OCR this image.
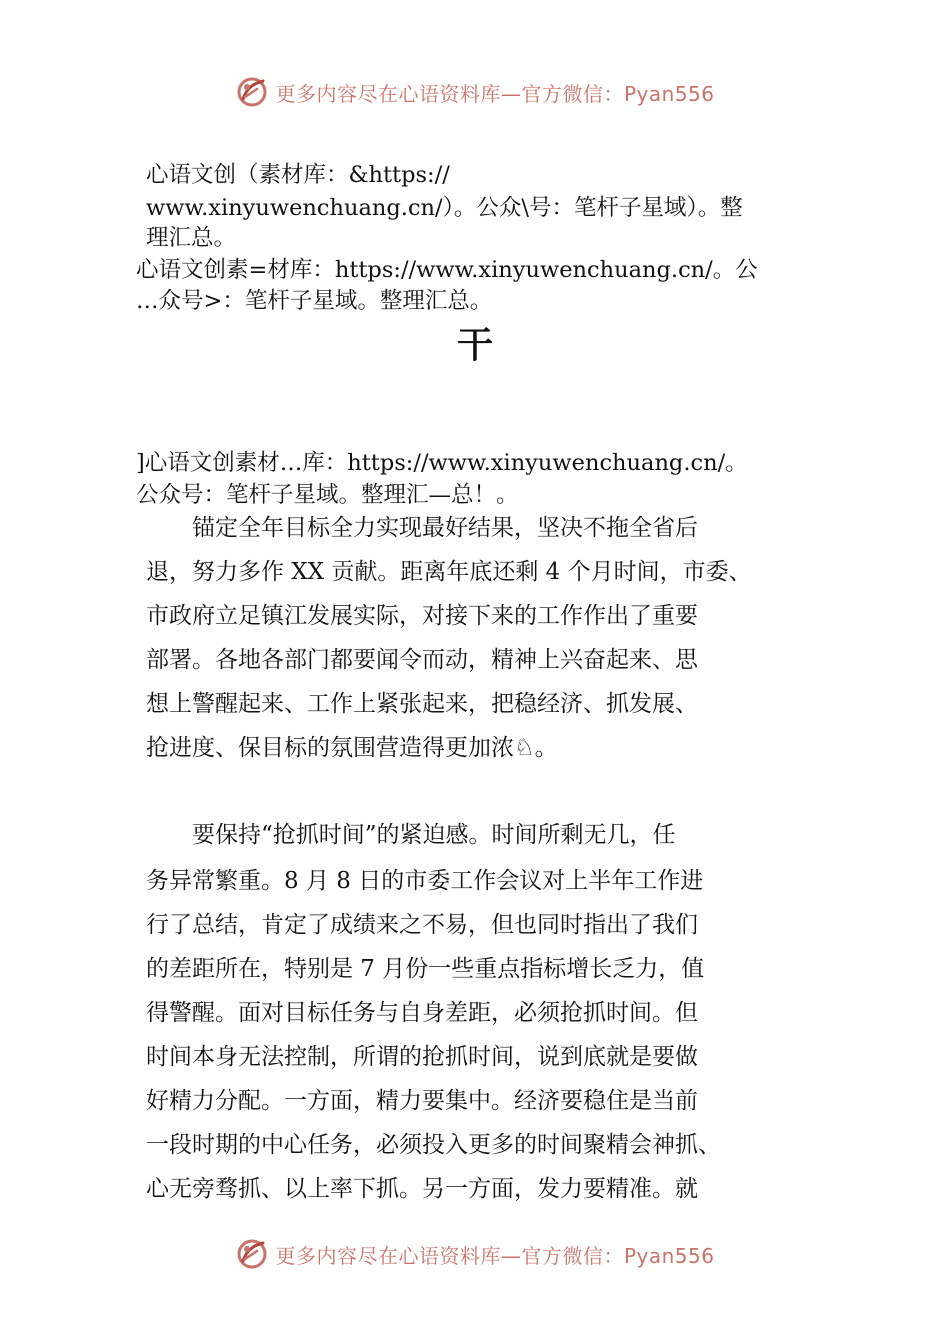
更多内容尽在心语资料库—官方微信：Pyan556
心语文创（素材库：&https://
www.xinyuwenchuang.cn/）。公众\号：笔杆子星域）。整
理汇总。
心语文创素=材库：https://www.xinyuwenchuang.cn/。公
…众号>：笔杆子星域。整理汇总。
干
]心语文创素材…库：https://www.xinyuwenchuang.cn/。
公众号：笔杆子星域。整理汇—总！。
　　锚定全年目标全力实现最好结果，坚决不拖全省后
退，努力多作 XX 贡献。距离年底还剩 4 个月时间，市委、
市政府立足镇江发展实际，对接下来的工作作出了重要
部署。各地各部门都要闻令而动，精神上兴奋起来、思
想上警醒起来、工作上紧张起来，把稳经济、抓发展、
抢进度、保目标的氛围营造得更加浓♘。
　　要保持“抢抓时间”的紧迫感。时间所剩无几，任
务异常繁重。8 月 8 日的市委工作会议对上半年工作进
行了总结，肯定了成绩来之不易，但也同时指出了我们
的差距所在，特别是 7 月份一些重点指标增长乏力，值
得警醒。面对目标任务与自身差距，必须抢抓时间。但
时间本身无法控制，所谓的抢抓时间，说到底就是要做
好精力分配。一方面，精力要集中。经济要稳住是当前
一段时期的中心任务，必须投入更多的时间聚精会神抓、
心无旁骛抓、以上率下抓。另一方面，发力要精准。就
更多内容尽在心语资料库—官方微信：Pyan556
